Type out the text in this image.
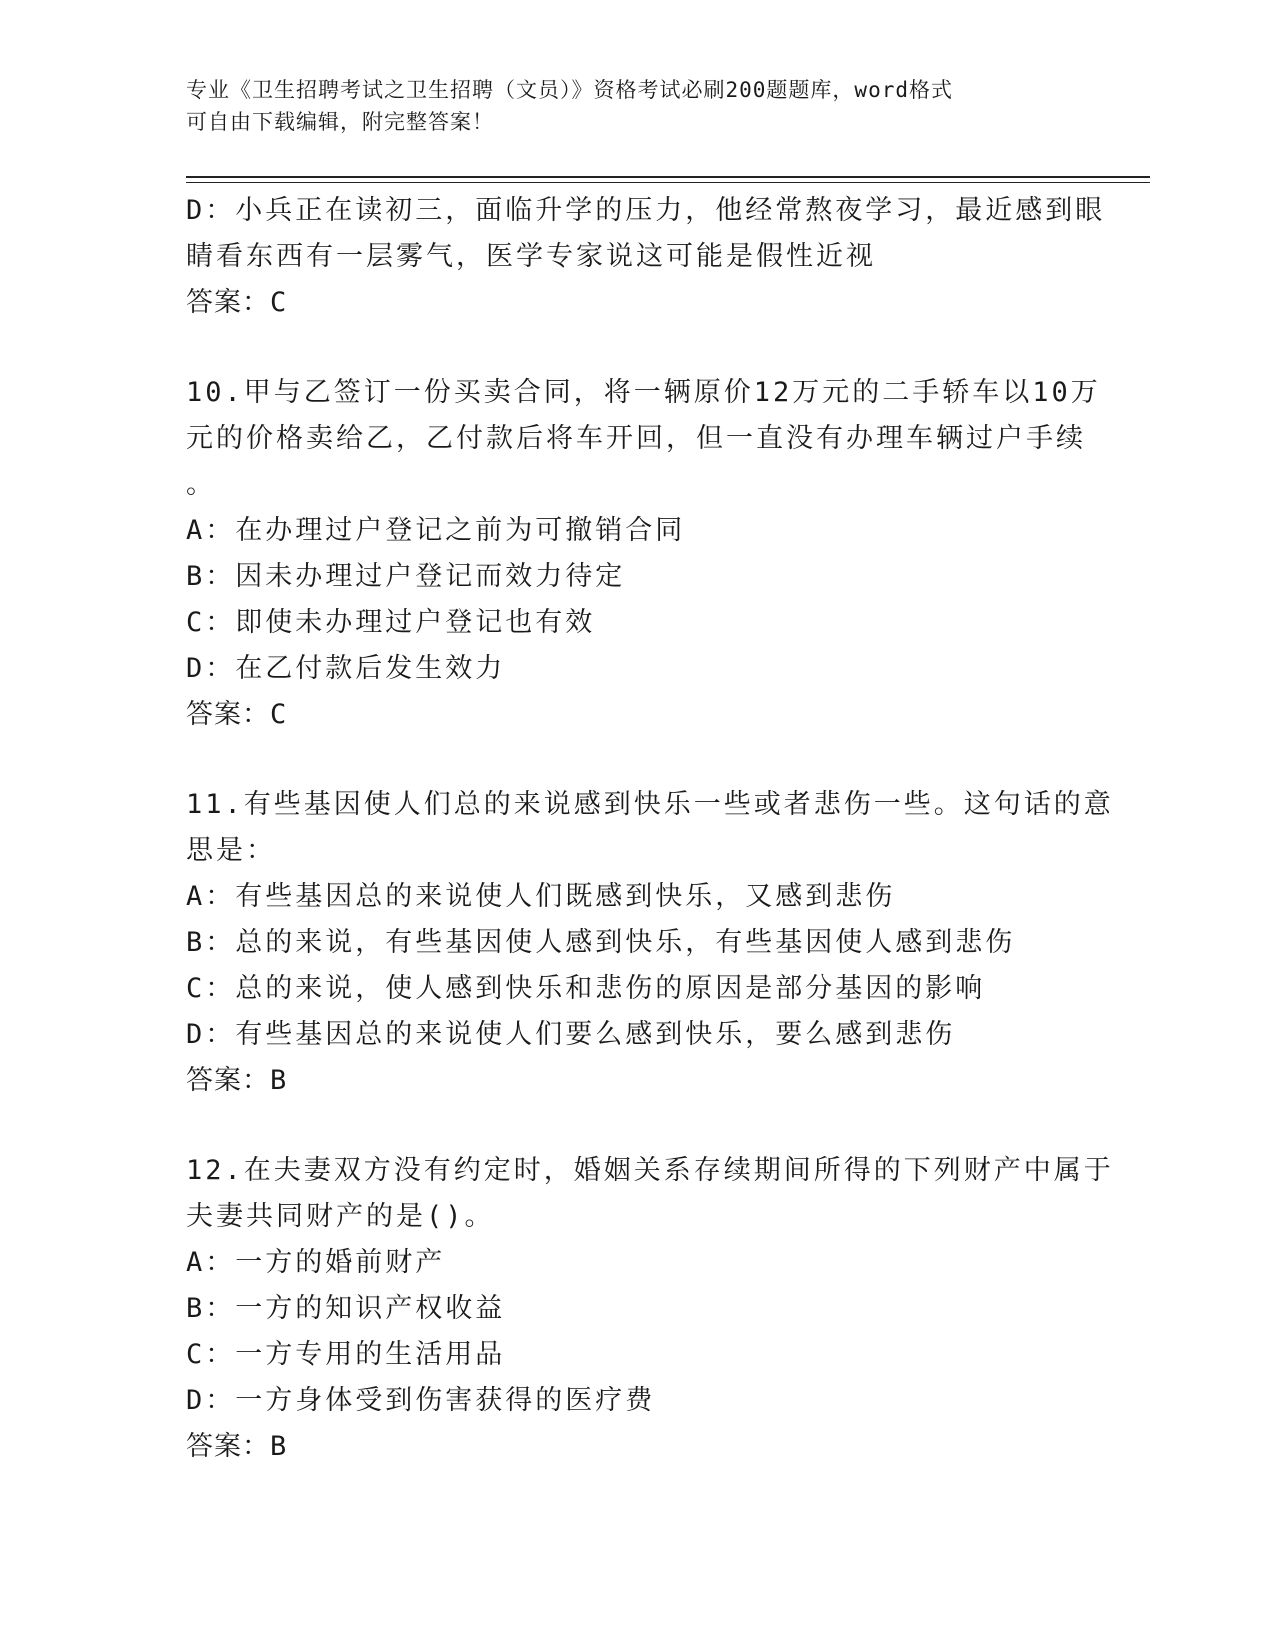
专业《卫生招聘考试之卫生招聘（文员）》资格考试必刷200题题库，word格式
可自由下载编辑，附完整答案！
D：小兵正在读初三，面临升学的压力，他经常熬夜学习，最近感到眼
睛看东西有一层雾气，医学专家说这可能是假性近视
答案：C
10.甲与乙签订一份买卖合同，将一辆原价12万元的二手轿车以10万
元的价格卖给乙，乙付款后将车开回，但一直没有办理车辆过户手续
。
A：在办理过户登记之前为可撤销合同
B：因未办理过户登记而效力待定
C：即使未办理过户登记也有效
D：在乙付款后发生效力
答案：C
11.有些基因使人们总的来说感到快乐一些或者悲伤一些。这句话的意
思是：
A：有些基因总的来说使人们既感到快乐，又感到悲伤
B：总的来说，有些基因使人感到快乐，有些基因使人感到悲伤
C：总的来说，使人感到快乐和悲伤的原因是部分基因的影响
D：有些基因总的来说使人们要么感到快乐，要么感到悲伤
答案：B
12.在夫妻双方没有约定时，婚姻关系存续期间所得的下列财产中属于
夫妻共同财产的是()。
A：一方的婚前财产
B：一方的知识产权收益
C：一方专用的生活用品
D：一方身体受到伤害获得的医疗费
答案：B
